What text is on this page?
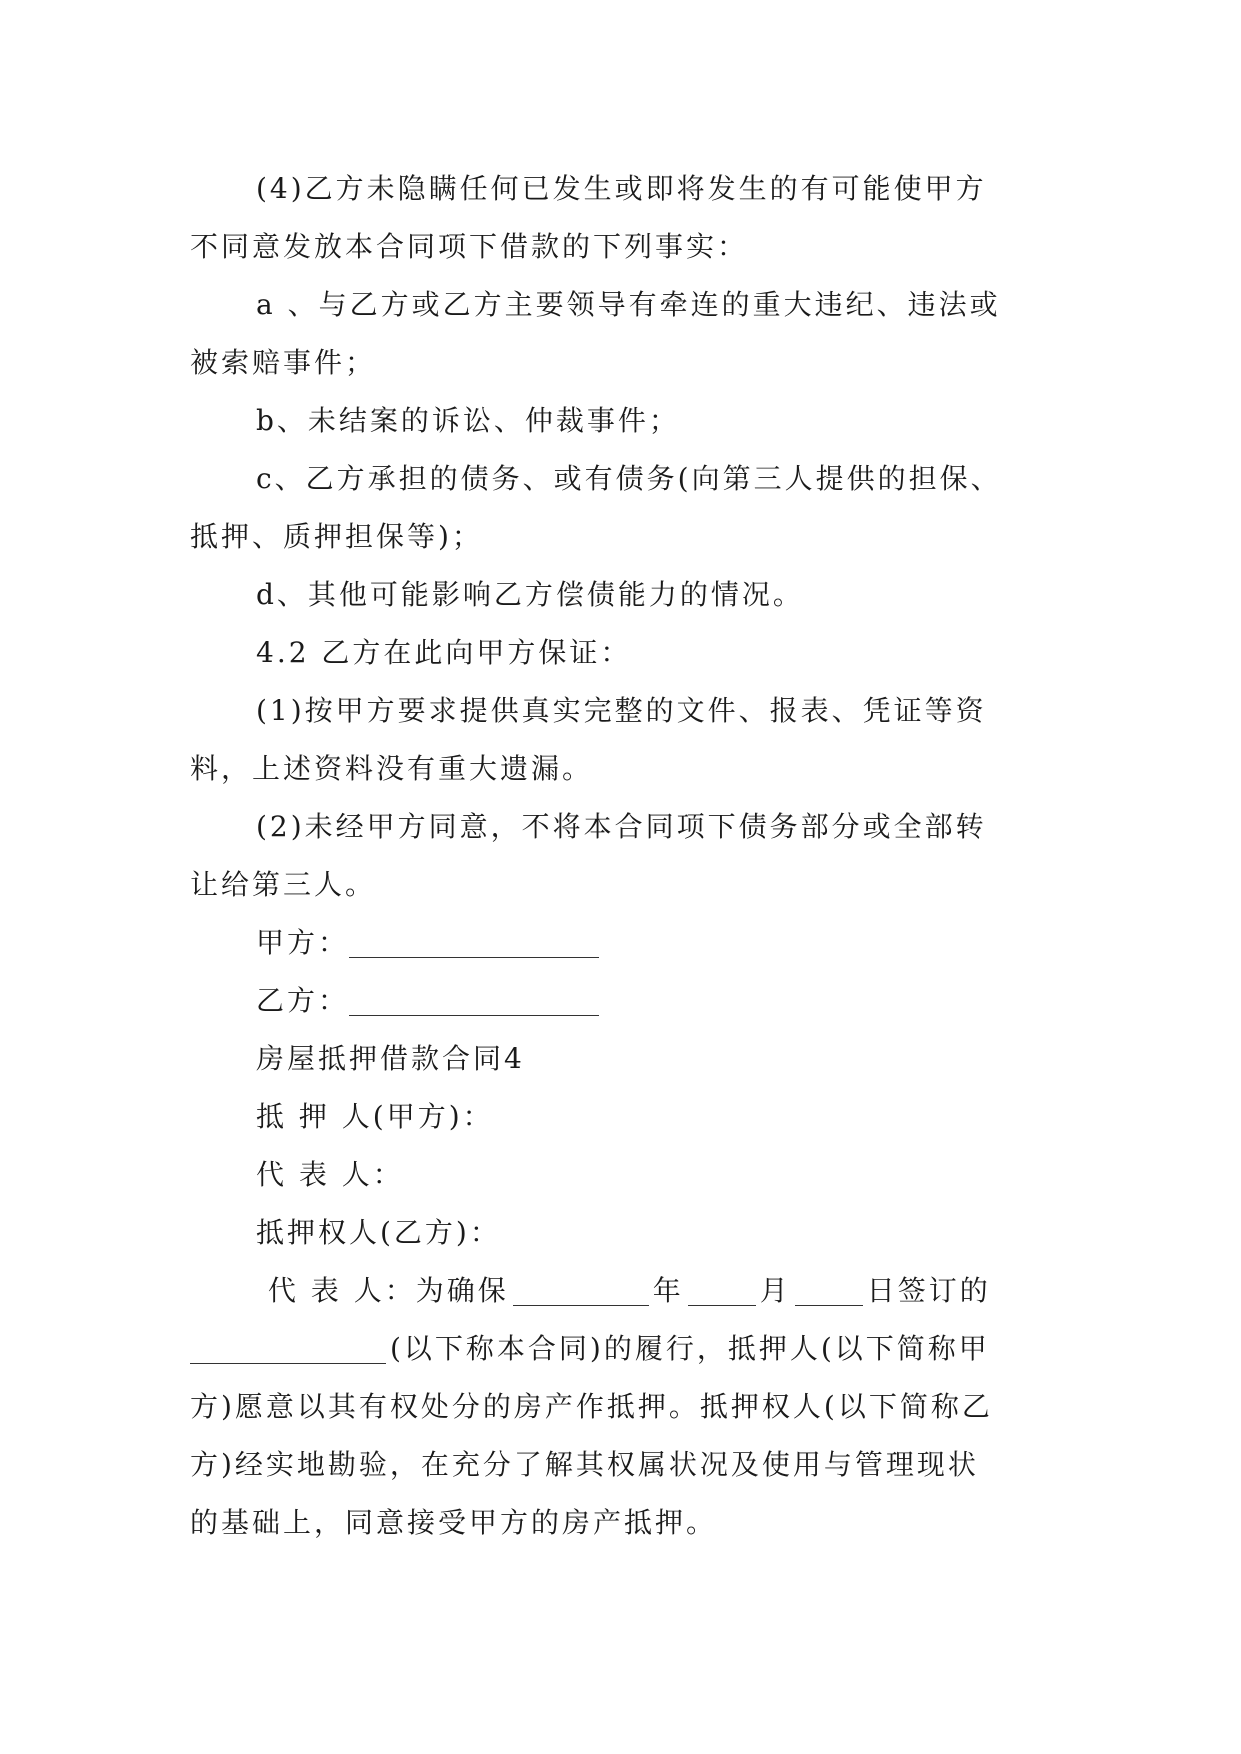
(4)乙方未隐瞒任何已发生或即将发生的有可能使甲方
不同意发放本合同项下借款的下列事实：
a 、与乙方或乙方主要领导有牵连的重大违纪、违法或
被索赔事件；
b、未结案的诉讼、仲裁事件；
c、乙方承担的债务、或有债务(向第三人提供的担保、
抵押、质押担保等)；
d、其他可能影响乙方偿债能力的情况。
4.2 乙方在此向甲方保证：
(1)按甲方要求提供真实完整的文件、报表、凭证等资
料，上述资料没有重大遗漏。
(2)未经甲方同意，不将本合同项下债务部分或全部转
让给第三人。
甲方：
乙方：
房屋抵押借款合同4
抵 押 人(甲方)：
代 表 人：
抵押权人(乙方)：
代 表 人：为确保	年	月	日签订的
(以下称本合同)的履行，抵押人(以下简称甲
方)愿意以其有权处分的房产作抵押。抵押权人(以下简称乙
方)经实地勘验，在充分了解其权属状况及使用与管理现状
的基础上，同意接受甲方的房产抵押。
